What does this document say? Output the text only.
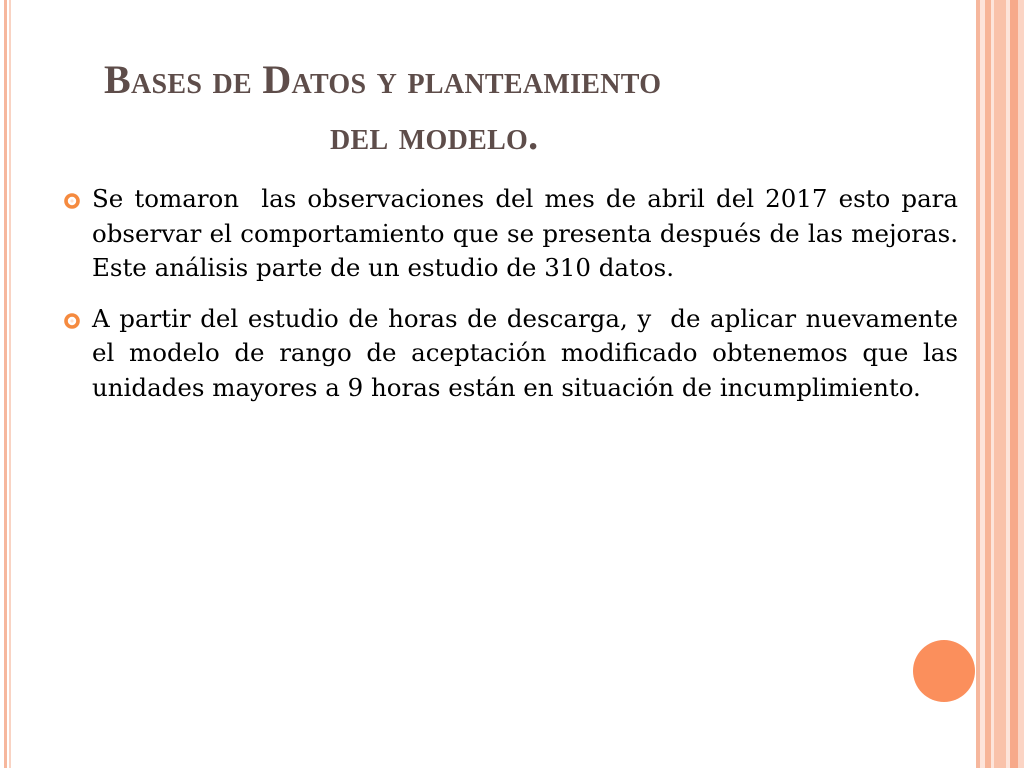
Bases de Datos y planteamiento
del modelo.
Se tomaron  las observaciones del mes de abril del 2017 esto para observar el comportamiento que se presenta después de las mejoras. Este análisis parte de un estudio de 310 datos.
A partir del estudio de horas de descarga, y  de aplicar nuevamente el modelo de rango de aceptación modificado obtenemos que las unidades mayores a 9 horas están en situación de incumplimiento.
